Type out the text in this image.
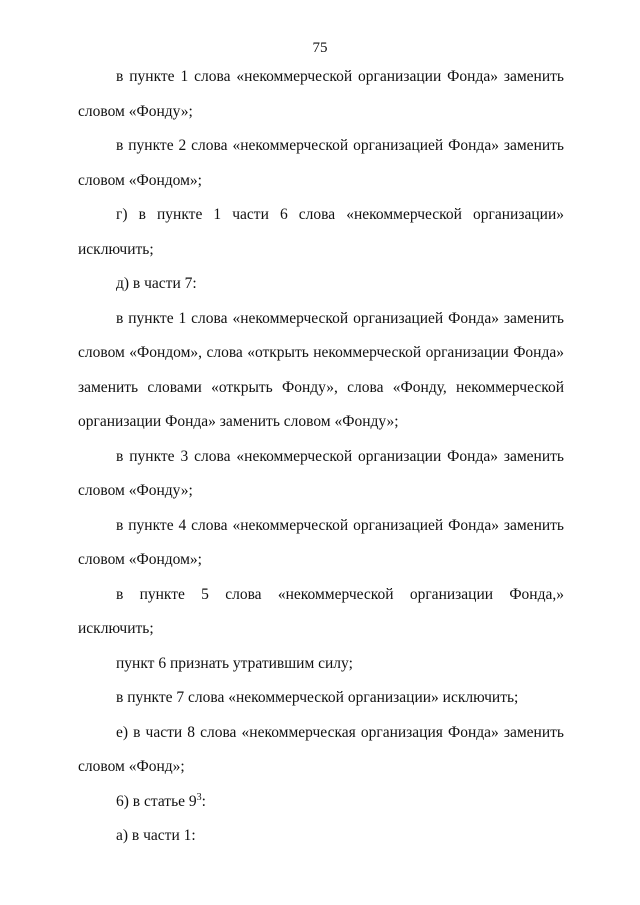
75

в пункте 1 слова «некоммерческой организации Фонда» заменить словом «Фонду»;

в пункте 2 слова «некоммерческой организацией Фонда» заменить словом «Фондом»;

г) в пункте 1 части 6 слова «некоммерческой организации» исключить;

д) в части 7:

в пункте 1 слова «некоммерческой организацией Фонда» заменить словом «Фондом», слова «открыть некоммерческой организации Фонда» заменить словами «открыть Фонду», слова «Фонду, некоммерческой организации Фонда» заменить словом «Фонду»;

в пункте 3 слова «некоммерческой организации Фонда» заменить словом «Фонду»;

в пункте 4 слова «некоммерческой организацией Фонда» заменить словом «Фондом»;

в пункте 5 слова «некоммерческой организации Фонда,» исключить;

пункт 6 признать утратившим силу;

в пункте 7 слова «некоммерческой организации» исключить;

е) в части 8 слова «некоммерческая организация Фонда» заменить словом «Фонд»;

6) в статье $9^3$:

а) в части 1:
